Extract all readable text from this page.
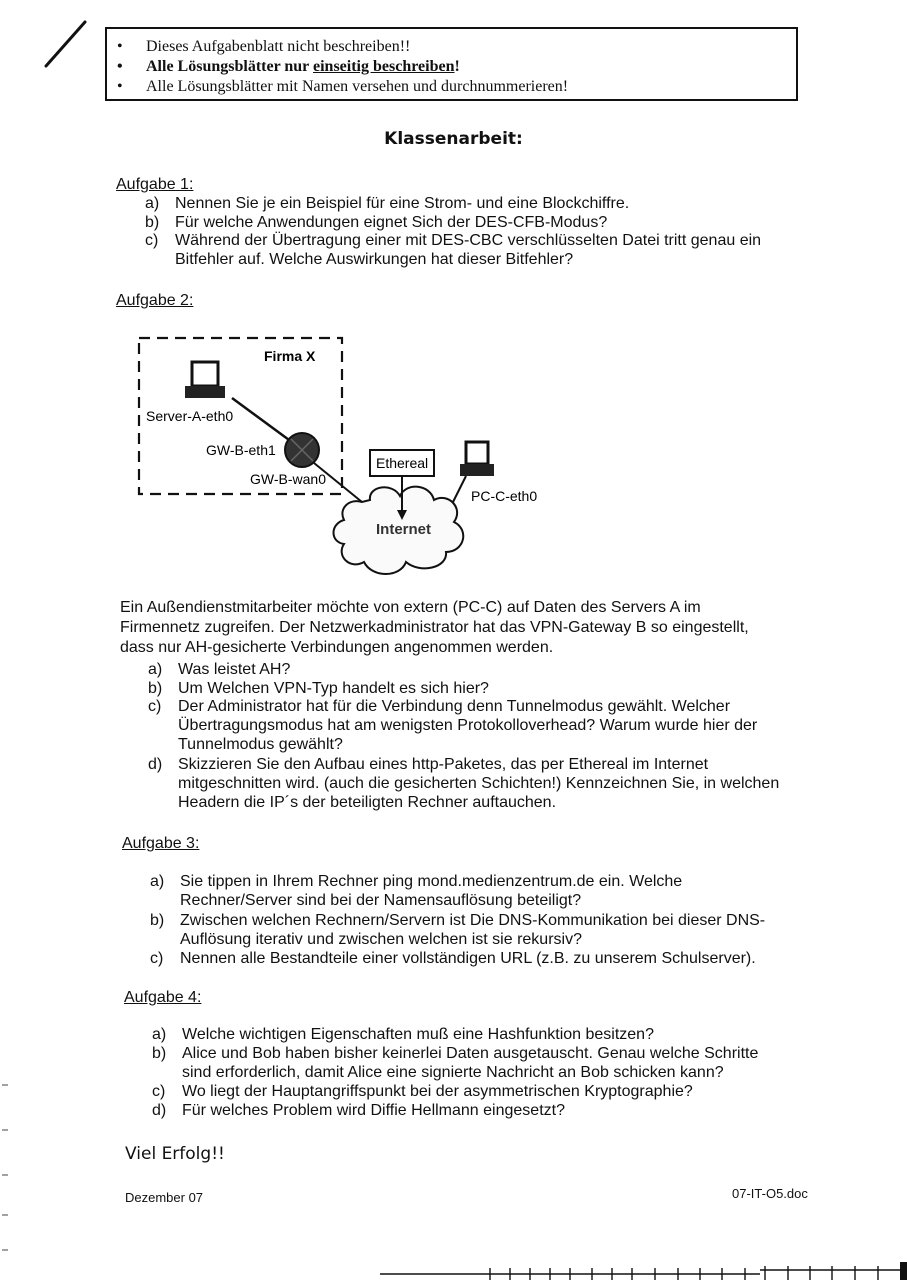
• Dieses Aufgabenblatt nicht beschreiben!!
• Alle Lösungsblätter nur einseitig beschreiben!
• Alle Lösungsblätter mit Namen versehen und durchnummerieren!
Klassenarbeit:
Aufgabe 1:
a) Nennen Sie je ein Beispiel für eine Strom- und eine Blockchiffre.
b) Für welche Anwendungen eignet Sich der DES-CFB-Modus?
c) Während der Übertragung einer mit DES-CBC verschlüsselten Datei tritt genau ein
Bitfehler auf. Welche Auswirkungen hat dieser Bitfehler?
Aufgabe 2:
Firma X
Server-A-eth0
GW-B-eth1
GW-B-wan0
Ethereal
Internet
PC-C-eth0
Ein Außendienstmitarbeiter möchte von extern (PC-C) auf Daten des Servers A im
Firmennetz zugreifen. Der Netzwerkadministrator hat das VPN-Gateway B so eingestellt,
dass nur AH-gesicherte Verbindungen angenommen werden.
a) Was leistet AH?
b) Um Welchen VPN-Typ handelt es sich hier?
c) Der Administrator hat für die Verbindung denn Tunnelmodus gewählt. Welcher
Übertragungsmodus hat am wenigsten Protokolloverhead? Warum wurde hier der
Tunnelmodus gewählt?
d) Skizzieren Sie den Aufbau eines http-Paketes, das per Ethereal im Internet
mitgeschnitten wird. (auch die gesicherten Schichten!) Kennzeichnen Sie, in welchen
Headern die IP´s der beteiligten Rechner auftauchen.
Aufgabe 3:
a) Sie tippen in Ihrem Rechner ping mond.medienzentrum.de ein. Welche
Rechner/Server sind bei der Namensauflösung beteiligt?
b) Zwischen welchen Rechnern/Servern ist Die DNS-Kommunikation bei dieser DNS-
Auflösung iterativ und zwischen welchen ist sie rekursiv?
c) Nennen alle Bestandteile einer vollständigen URL (z.B. zu unserem Schulserver).
Aufgabe 4:
a) Welche wichtigen Eigenschaften muß eine Hashfunktion besitzen?
b) Alice und Bob haben bisher keinerlei Daten ausgetauscht. Genau welche Schritte
sind erforderlich, damit Alice eine signierte Nachricht an Bob schicken kann?
c) Wo liegt der Hauptangriffspunkt bei der asymmetrischen Kryptographie?
d) Für welches Problem wird Diffie Hellmann eingesetzt?
Viel Erfolg!!
Dezember 07	07-IT-O5.doc
